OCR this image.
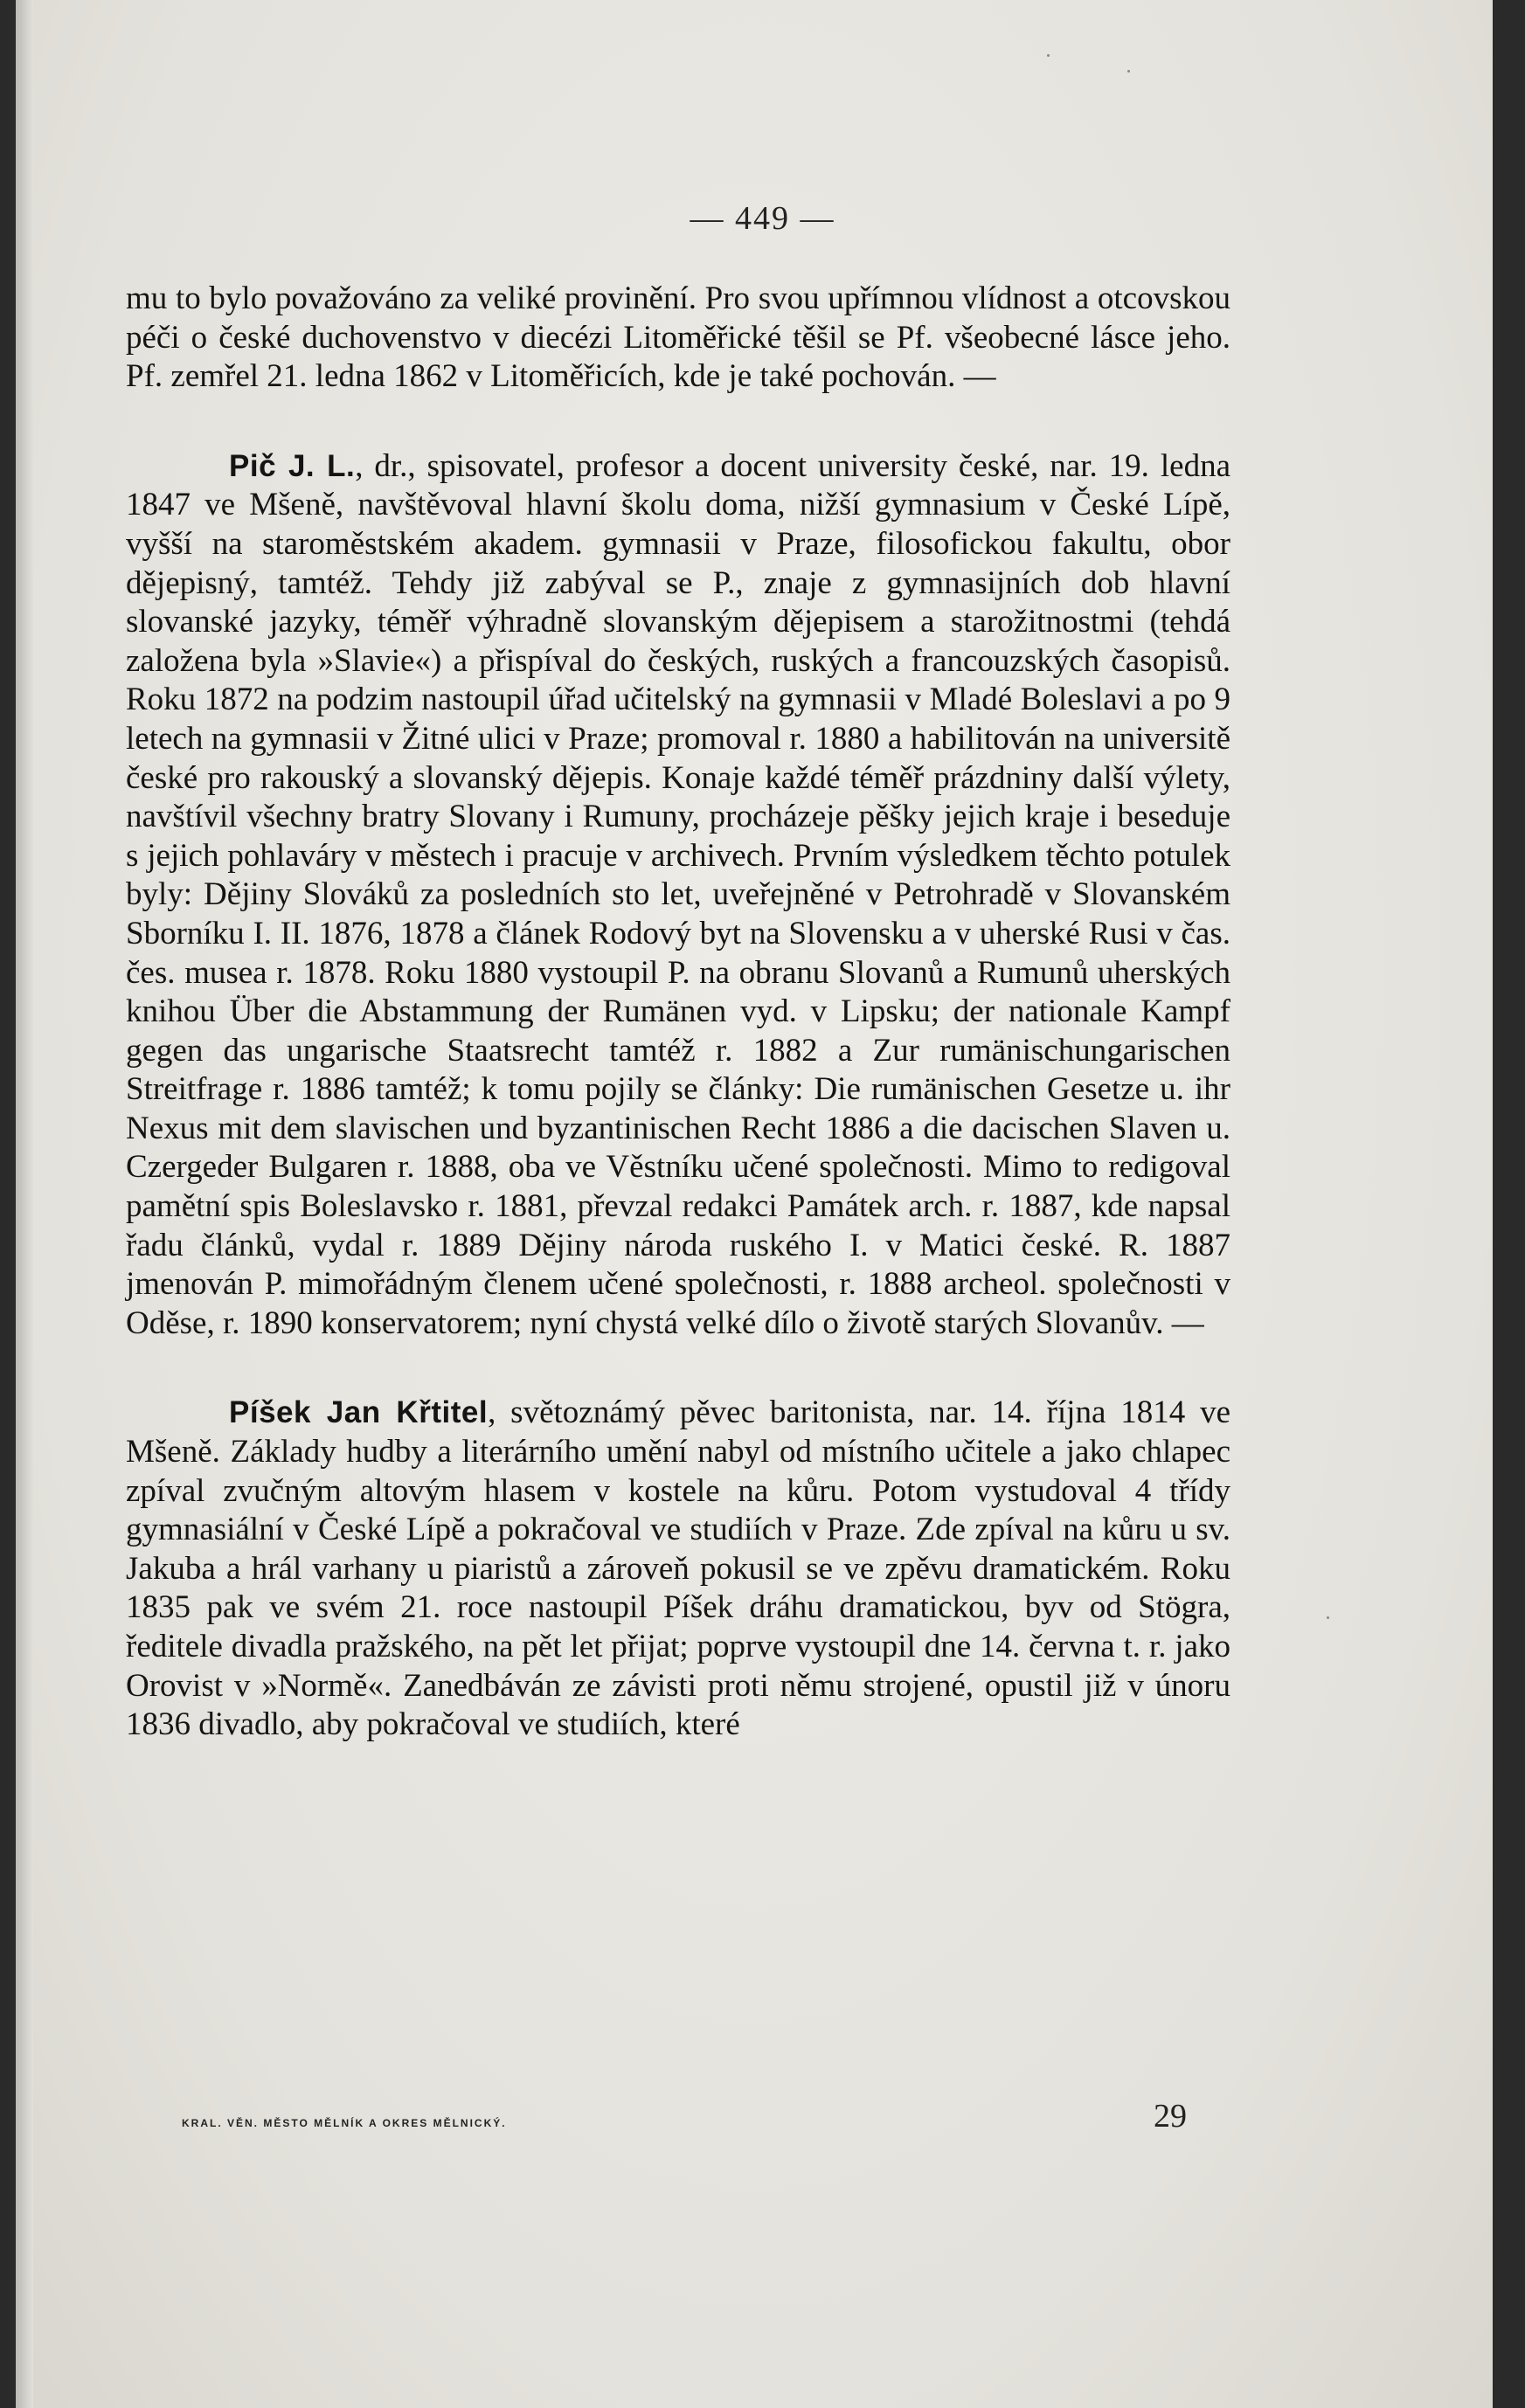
— 449 —

mu to bylo považováno za veliké provinění. Pro svou upřímnou vlídnost a otcovskou péči o české duchovenstvo v diecézi Litoměřické těšil se Pf. všeobecné lásce jeho. Pf. zemřel 21. ledna 1862 v Litoměřicích, kde je také pochován. —

Pič J. L., dr., spisovatel, profesor a docent university české, nar. 19. ledna 1847 ve Mšeně, navštěvoval hlavní školu doma, nižší gymnasium v České Lípě, vyšší na staroměstském akadem. gymnasii v Praze, filosofickou fakultu, obor dějepisný, tamtéž. Tehdy již zabýval se P., znaje z gymnasijních dob hlavní slovanské jazyky, téměř výhradně slovanským dějepisem a starožitnostmi (tehdá založena byla »Slavie«) a přispíval do českých, ruských a francouzských časopisů. Roku 1872 na podzim nastoupil úřad učitelský na gymnasii v Mladé Boleslavi a po 9 letech na gymnasii v Žitné ulici v Praze; promoval r. 1880 a habilitován na universitě české pro rakouský a slovanský dějepis. Konaje každé téměř prázdniny další výlety, navštívil všechny bratry Slovany i Rumuny, procházeje pěšky jejich kraje i beseduje s jejich pohlaváry v městech i pracuje v archivech. Prvním výsledkem těchto potulek byly: Dějiny Slováků za posledních sto let, uveřejněné v Petrohradě v Slovanském Sborníku I. II. 1876, 1878 a článek Rodový byt na Slovensku a v uherské Rusi v čas. čes. musea r. 1878. Roku 1880 vystoupil P. na obranu Slovanů a Rumunů uherských knihou Über die Abstammung der Rumänen vyd. v Lipsku; der nationale Kampf gegen das ungarische Staatsrecht tamtéž r. 1882 a Zur rumänischungarischen Streitfrage r. 1886 tamtéž; k tomu pojily se články: Die rumänischen Gesetze u. ihr Nexus mit dem slavischen und byzantinischen Recht 1886 a die dacischen Slaven u. Czergeder Bulgaren r. 1888, oba ve Věstníku učené společnosti. Mimo to redigoval pamětní spis Boleslavsko r. 1881, převzal redakci Památek arch. r. 1887, kde napsal řadu článků, vydal r. 1889 Dějiny národa ruského I. v Matici české. R. 1887 jmenován P. mimořádným členem učené společnosti, r. 1888 archeol. společnosti v Oděse, r. 1890 konservatorem; nyní chystá velké dílo o životě starých Slovanův. —

Píšek Jan Křtitel, světoznámý pěvec baritonista, nar. 14. října 1814 ve Mšeně. Základy hudby a literárního umění nabyl od místního učitele a jako chlapec zpíval zvučným altovým hlasem v kostele na kůru. Potom vystudoval 4 třídy gymnasiální v České Lípě a pokračoval ve studiích v Praze. Zde zpíval na kůru u sv. Jakuba a hrál varhany u piaristů a zároveň pokusil se ve zpěvu dramatickém. Roku 1835 pak ve svém 21. roce nastoupil Píšek dráhu dramatickou, byv od Stögra, ředitele divadla pražského, na pět let přijat; poprve vystoupil dne 14. června t. r. jako Orovist v »Normě«. Zanedbáván ze závisti proti němu strojené, opustil již v únoru 1836 divadlo, aby pokračoval ve studiích, které

KRAL. VĚN. MĚSTO MĚLNÍK A OKRES MĚLNICKÝ.	29
